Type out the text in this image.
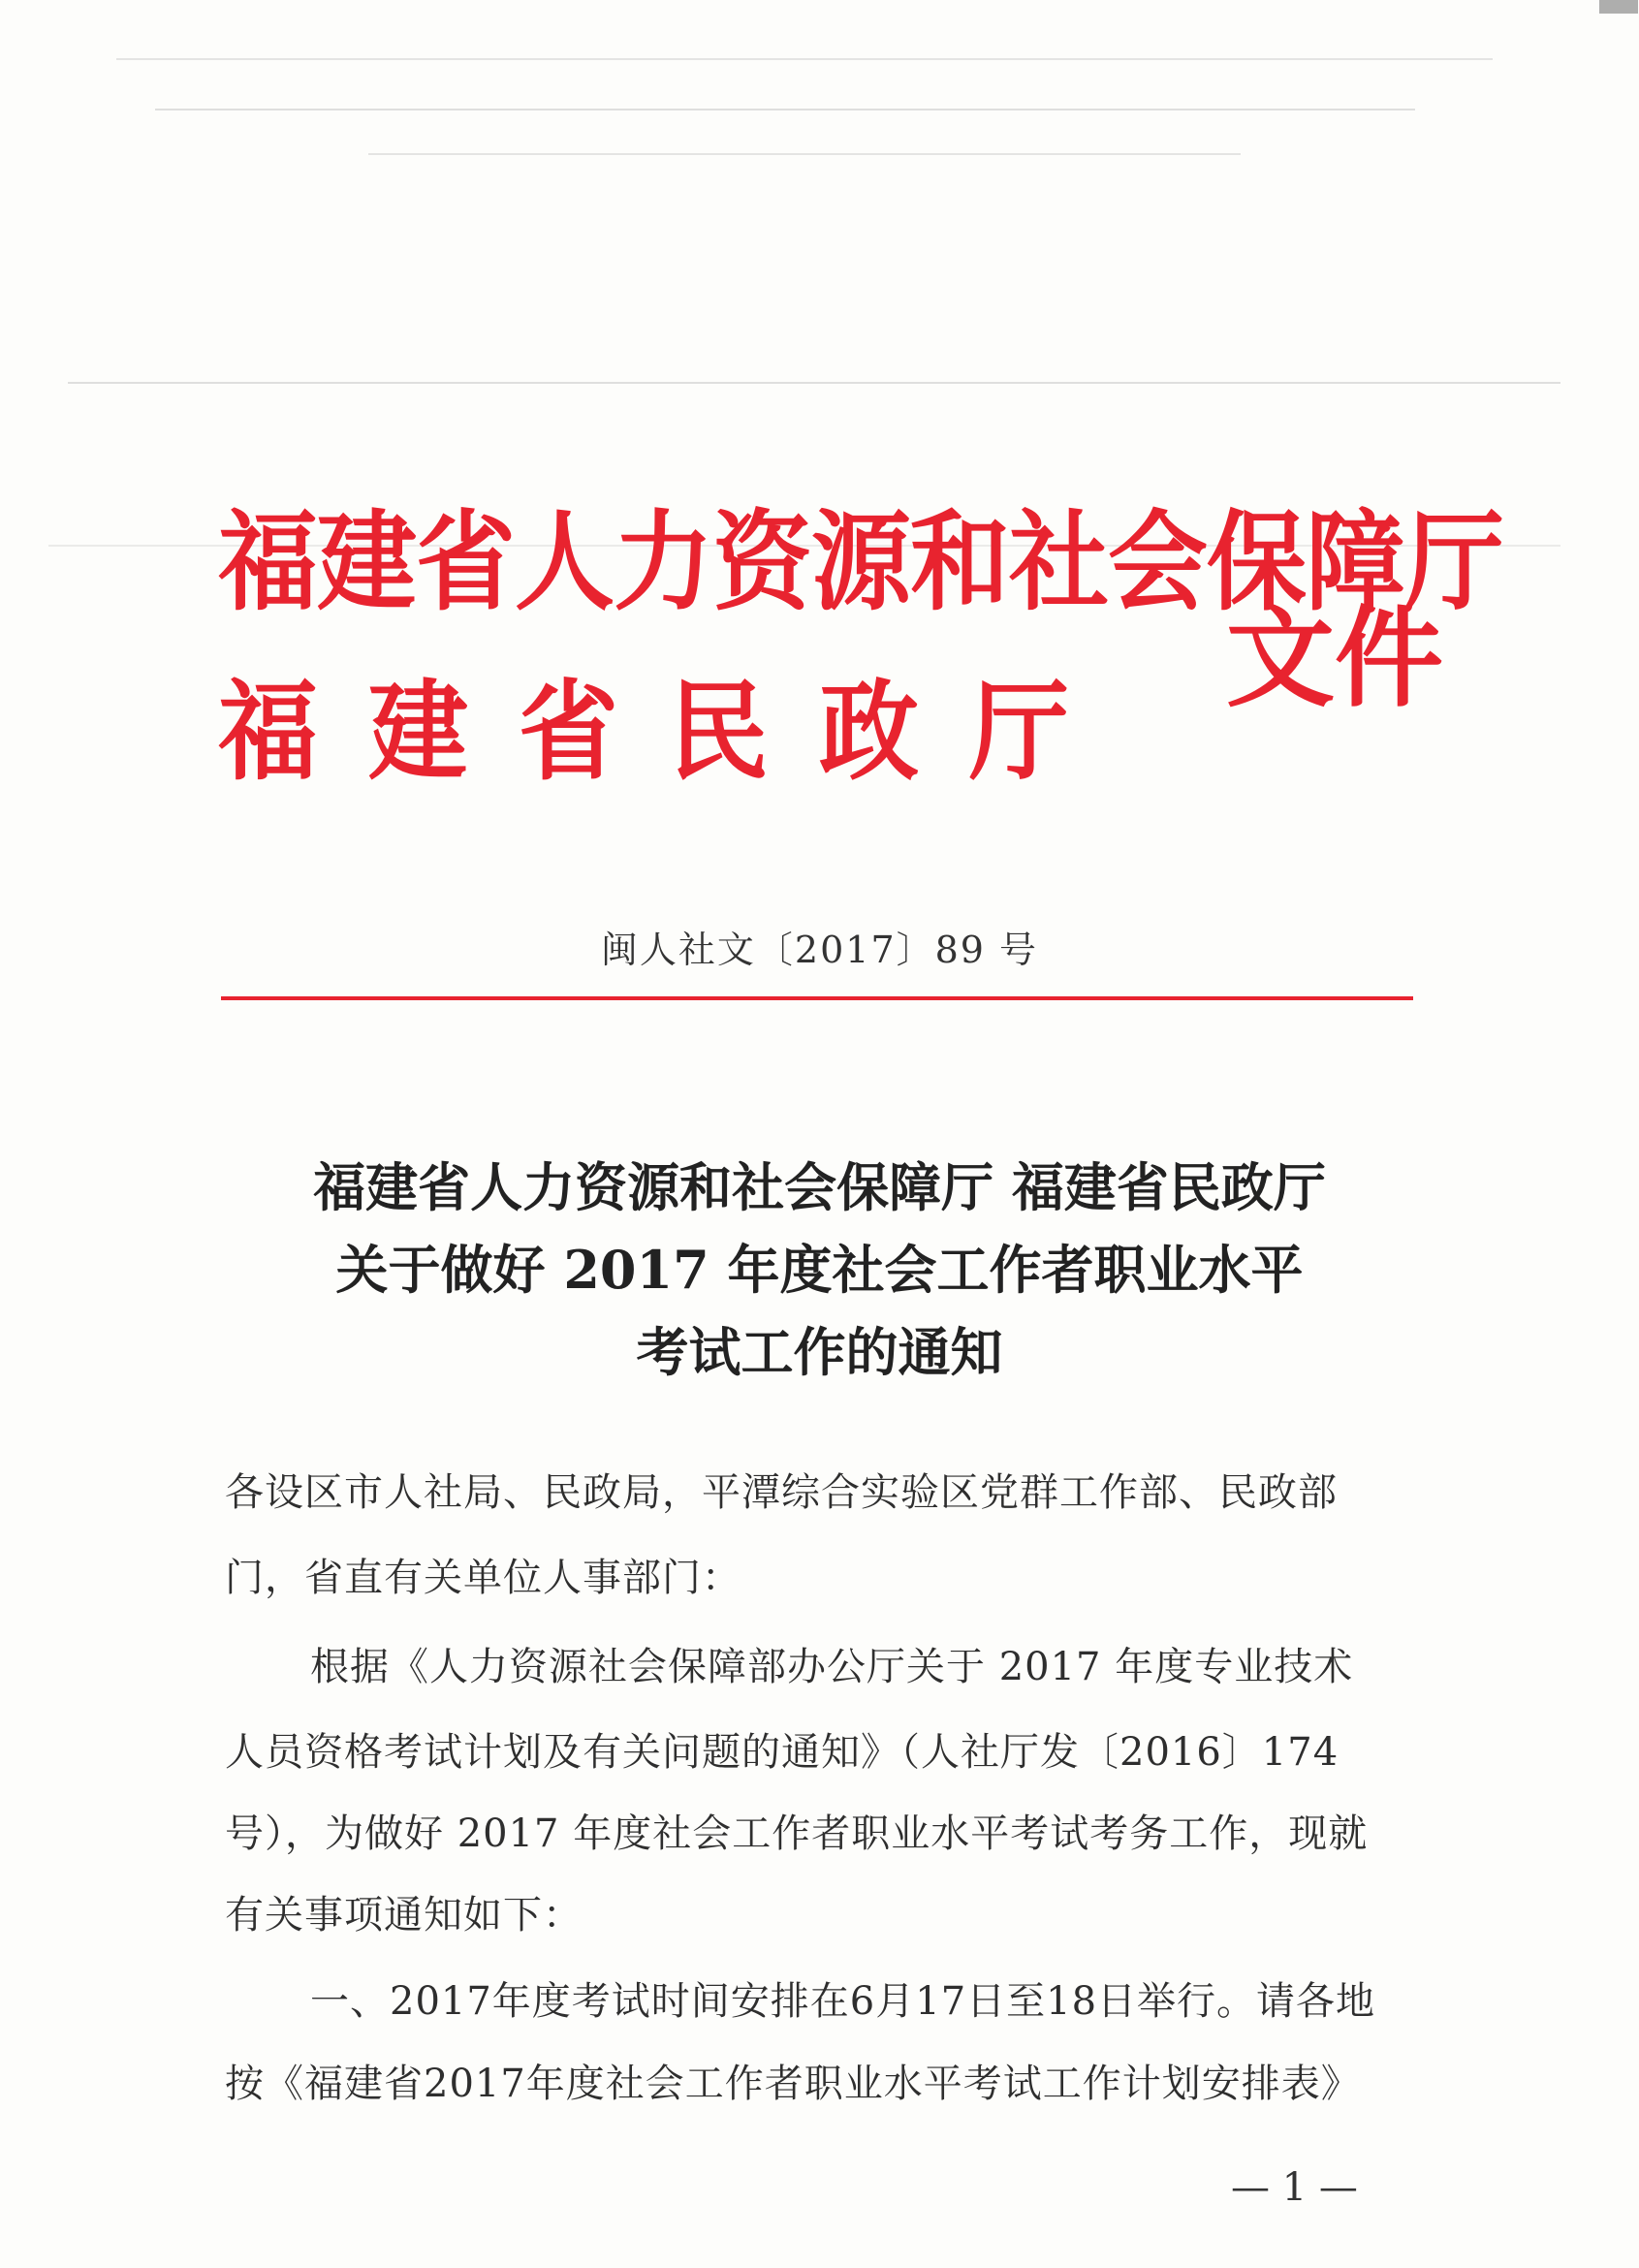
福建省人力资源和社会保障厅
福建省民政厅
文件
闽人社文〔2017〕89 号
福建省人力资源和社会保障厅 福建省民政厅
关于做好 2017 年度社会工作者职业水平
考试工作的通知
各设区市人社局、民政局，平潭综合实验区党群工作部、民政部
门，省直有关单位人事部门：
根据《人力资源社会保障部办公厅关于 2017 年度专业技术
人员资格考试计划及有关问题的通知》（人社厅发〔2016〕174
号），为做好 2017 年度社会工作者职业水平考试考务工作，现就
有关事项通知如下：
一、2017年度考试时间安排在6月17日至18日举行。请各地
按《福建省2017年度社会工作者职业水平考试工作计划安排表》
— 1 —
